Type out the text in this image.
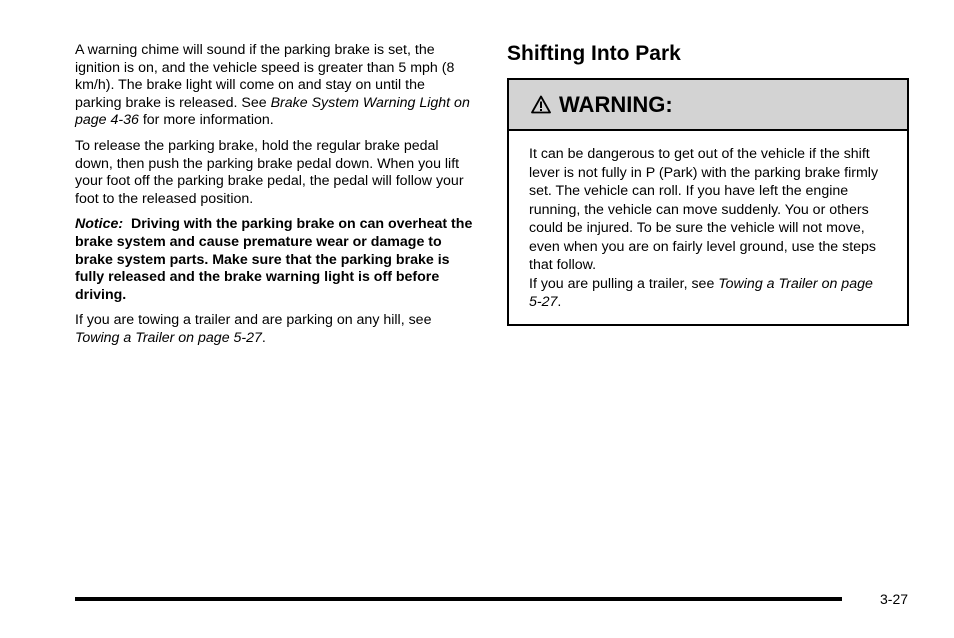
A warning chime will sound if the parking brake is set, the ignition is on, and the vehicle speed is greater than 5 mph (8 km/h). The brake light will come on and stay on until the parking brake is released. See Brake System Warning Light on page 4-36 for more information.

To release the parking brake, hold the regular brake pedal down, then push the parking brake pedal down. When you lift your foot off the parking brake pedal, the pedal will follow your foot to the released position.

Notice: Driving with the parking brake on can overheat the brake system and cause premature wear or damage to brake system parts. Make sure that the parking brake is fully released and the brake warning light is off before driving.

If you are towing a trailer and are parking on any hill, see Towing a Trailer on page 5-27.

Shifting Into Park
WARNING:

It can be dangerous to get out of the vehicle if the shift lever is not fully in P (Park) with the parking brake firmly set. The vehicle can roll. If you have left the engine running, the vehicle can move suddenly. You or others could be injured. To be sure the vehicle will not move, even when you are on fairly level ground, use the steps that follow.

If you are pulling a trailer, see Towing a Trailer on page 5-27.

3-27
